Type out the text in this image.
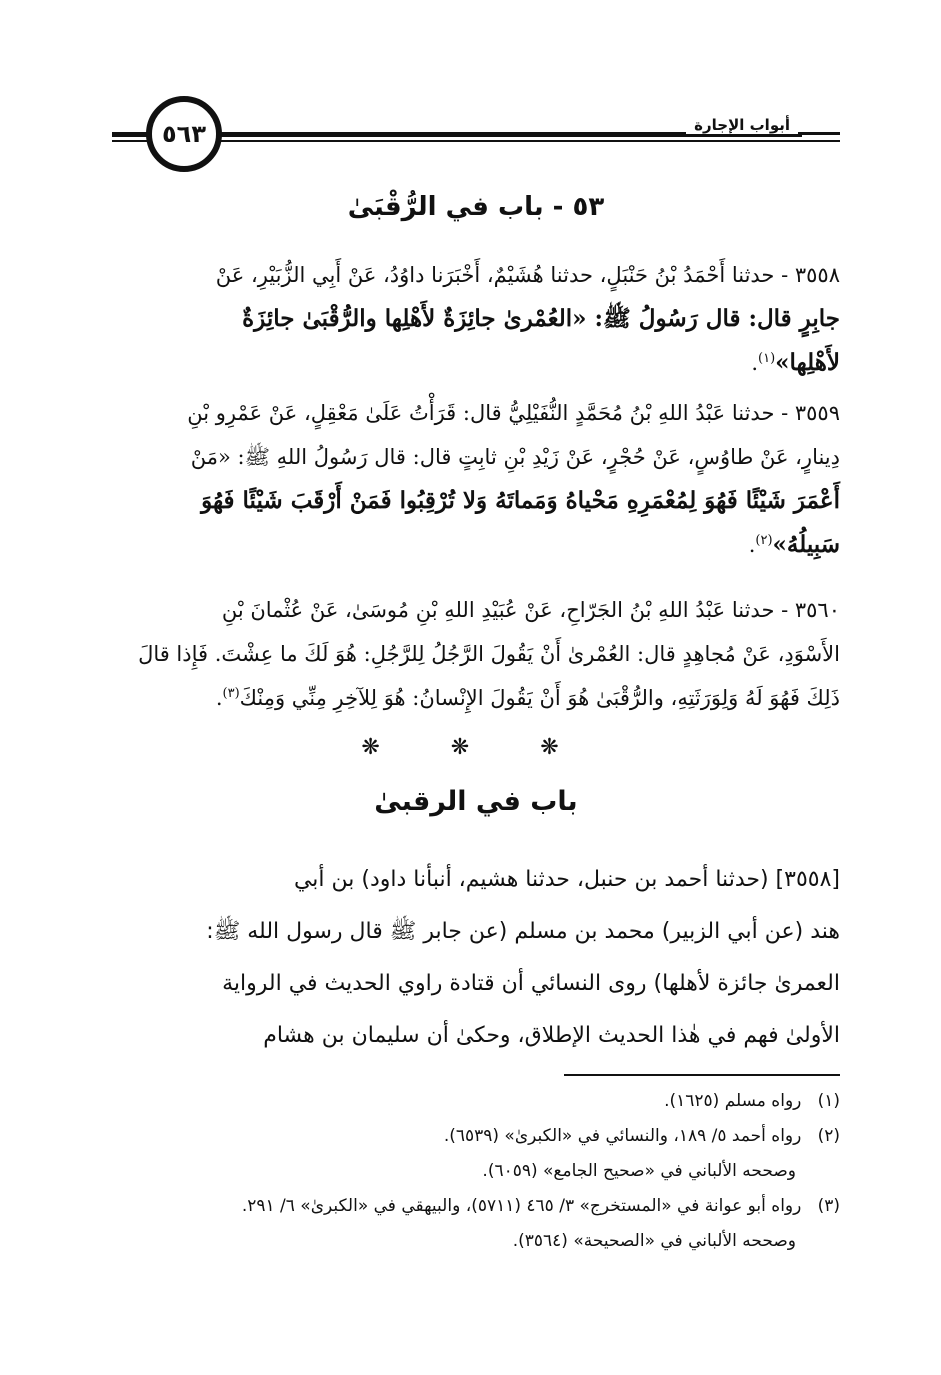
٥٦٣	أبواب الإجارة
٥٣ - باب في الرُّقْبَىٰ
٣٥٥٨ - حدثنا أَحْمَدُ بْنُ حَنْبَلٍ، حدثنا هُشَيْمٌ، أَخْبَرَنا داوُدُ، عَنْ أَبِي الزُّبَيْرِ، عَنْ
جابِرٍ قال: قال رَسُولُ ﷺ: «العُمْرىٰ جائِزَةٌ لأَهْلِها والرُّقْبَىٰ جائِزَةٌ
لأَهْلِها»$^{(١)}$.
٣٥٥٩ - حدثنا عَبْدُ اللهِ بْنُ مُحَمَّدٍ النُّفَيْلِيُّ قال: قَرَأْتُ عَلَىٰ مَعْقِلٍ، عَنْ عَمْرِو بْنِ
دِينارٍ، عَنْ طاوُسٍ، عَنْ حُجْرٍ، عَنْ زَيْدِ بْنِ ثابِتٍ قال: قال رَسُولُ اللهِ ﷺ: «مَنْ
أَعْمَرَ شَيْئًا فَهُوَ لِمُعْمَرِهِ مَحْياهُ وَمَماتَهُ وَلا تُرْقِبُوا فَمَنْ أَرْقَبَ شَيْئًا فَهُوَ
سَبِيلُهُ»$^{(٢)}$.
٣٥٦٠ - حدثنا عَبْدُ اللهِ بْنُ الجَرّاحِ، عَنْ عُبَيْدِ اللهِ بْنِ مُوسَىٰ، عَنْ عُثْمانَ بْنِ
الأَسْوَدِ، عَنْ مُجاهِدٍ قال: العُمْرىٰ أَنْ يَقُولَ الرَّجُلُ لِلرَّجُلِ: هُوَ لَكَ ما عِشْتَ. فَإِذا قالَ
ذَلِكَ فَهُوَ لَهُ وَلِوَرَثَتِهِ، والرُّقْبَىٰ هُوَ أَنْ يَقُولَ الإِنْسانُ: هُوَ لِلآخِرِ مِنِّي وَمِنْكَ$^{(٣)}$.
❋ ❋ ❋
باب في الرقبىٰ
[٣٥٥٨] (حدثنا أحمد بن حنبل، حدثنا هشيم، أنبأنا داود) بن أبي
هند (عن أبي الزبير) محمد بن مسلم (عن جابر ﷺ قال رسول الله ﷺ:
العمرىٰ جائزة لأهلها) روى النسائي أن قتادة راوي الحديث في الرواية
الأولىٰ فهم في هٰذا الحديث الإطلاق، وحكىٰ أن سليمان بن هشام
(١)   رواه مسلم (١٦٢٥).
(٢)   رواه أحمد ٥/ ١٨٩، والنسائي في «الكبرىٰ» (٦٥٣٩).
وصححه الألباني في «صحيح الجامع» (٦٠٥٩).
(٣)   رواه أبو عوانة في «المستخرج» ٣/ ٤٦٥ (٥٧١١)، والبيهقي في «الكبرىٰ» ٦/ ٢٩١.
وصححه الألباني في «الصحيحة» (٣٥٦٤).
